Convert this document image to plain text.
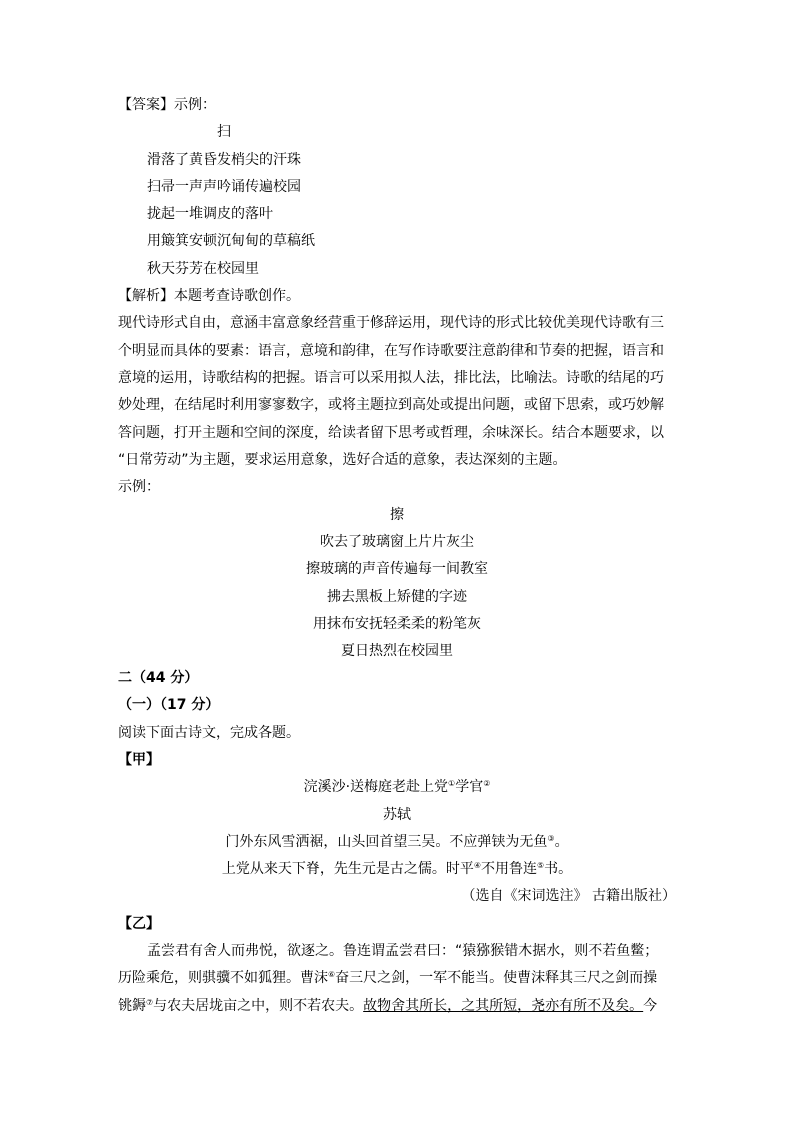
【答案】示例：
扫
滑落了黄昏发梢尖的汗珠
扫帚一声声吟诵传遍校园
拢起一堆调皮的落叶
用簸箕安顿沉甸甸的草稿纸
秋天芬芳在校园里
【解析】本题考查诗歌创作。
现代诗形式自由，意涵丰富意象经营重于修辞运用，现代诗的形式比较优美现代诗歌有三
个明显而具体的要素：语言，意境和韵律，在写作诗歌要注意韵律和节奏的把握，语言和
意境的运用，诗歌结构的把握。语言可以采用拟人法，排比法，比喻法。诗歌的结尾的巧
妙处理，在结尾时利用寥寥数字，或将主题拉到高处或提出问题，或留下思索，或巧妙解
答问题，打开主题和空间的深度，给读者留下思考或哲理，余味深长。结合本题要求，以
“日常劳动”为主题，要求运用意象，选好合适的意象，表达深刻的主题。
示例：
擦
吹去了玻璃窗上片片灰尘
擦玻璃的声音传遍每一间教室
拂去黑板上矫健的字迹
用抹布安抚轻柔柔的粉笔灰
夏日热烈在校园里
二（44 分）
（一）（17 分）
阅读下面古诗文，完成各题。
【甲】
浣溪沙·送梅庭老赴上党①学官②
苏轼
门外东风雪洒裾，山头回首望三吴。不应弹铗为无鱼③。
上党从来天下脊，先生元是古之儒。时平④不用鲁连⑤书。
（选自《宋词选注》 古籍出版社）
【乙】
孟尝君有舍人而弗悦，欲逐之。鲁连谓孟尝君曰：“猿猕猴错木据水，则不若鱼鳖；
历险乘危，则骐骥不如狐狸。曹沫⑥奋三尺之剑，一军不能当。使曹沫释其三尺之剑而操
铫鎒⑦与农夫居垅亩之中，则不若农夫。故物舍其所长，之其所短，尧亦有所不及矣。今
